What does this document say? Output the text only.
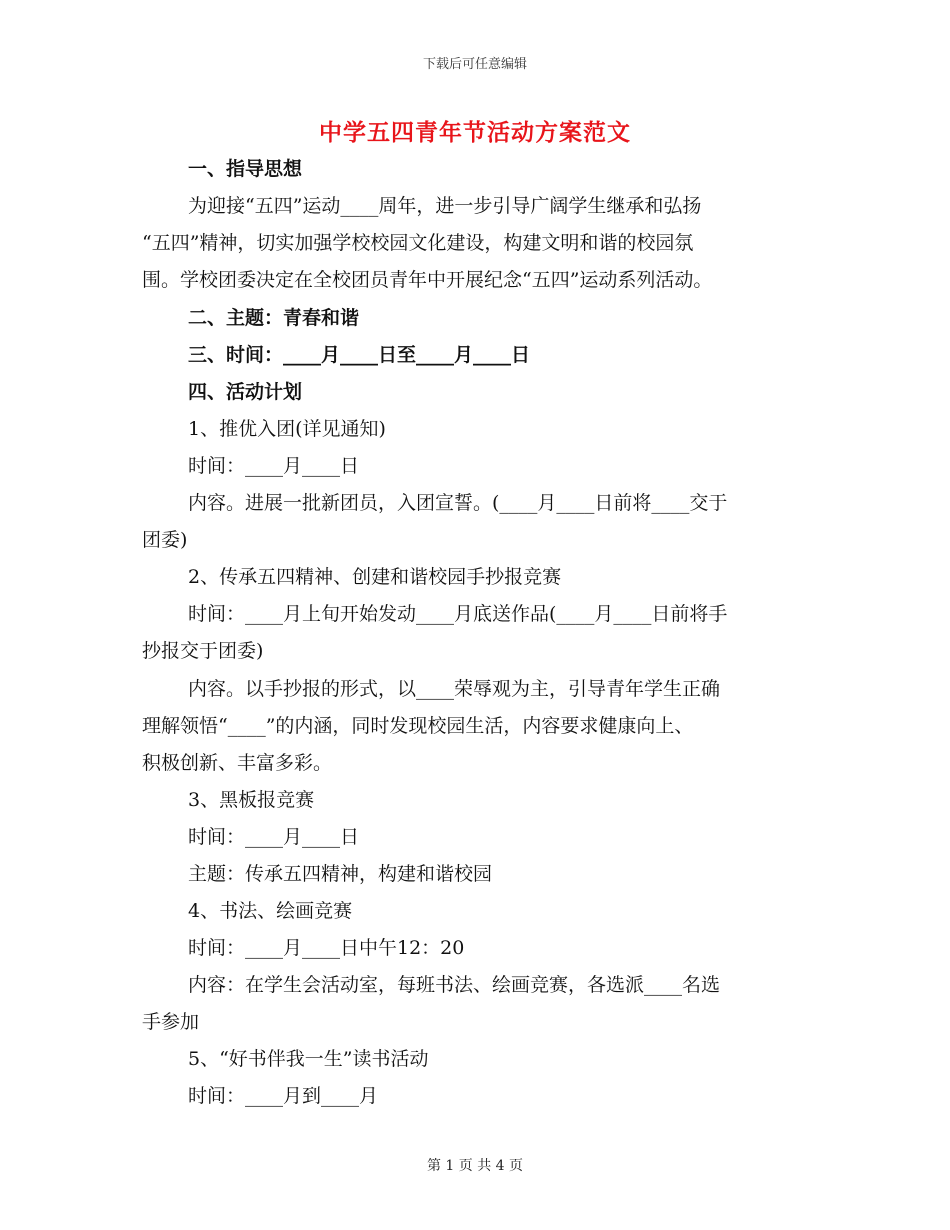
下载后可任意编辑
中学五四青年节活动方案范文
一、指导思想
为迎接“五四”运动____周年，进一步引导广阔学生继承和弘扬
“五四”精神，切实加强学校校园文化建设，构建文明和谐的校园氛
围。学校团委决定在全校团员青年中开展纪念“五四”运动系列活动。
二、主题：青春和谐
三、时间：____月____日至____月____日
四、活动计划
1、推优入团(详见通知)
时间：____月____日
内容。进展一批新团员，入团宣誓。(____月____日前将____交于
团委)
2、传承五四精神、创建和谐校园手抄报竞赛
时间：____月上旬开始发动____月底送作品(____月____日前将手
抄报交于团委)
内容。以手抄报的形式，以____荣辱观为主，引导青年学生正确
理解领悟“____”的内涵，同时发现校园生活，内容要求健康向上、
积极创新、丰富多彩。
3、黑板报竞赛
时间：____月____日
主题：传承五四精神，构建和谐校园
4、书法、绘画竞赛
时间：____月____日中午12：20
内容：在学生会活动室，每班书法、绘画竞赛，各选派____名选
手参加
5、“好书伴我一生”读书活动
时间：____月到____月
第 1 页 共 4 页
